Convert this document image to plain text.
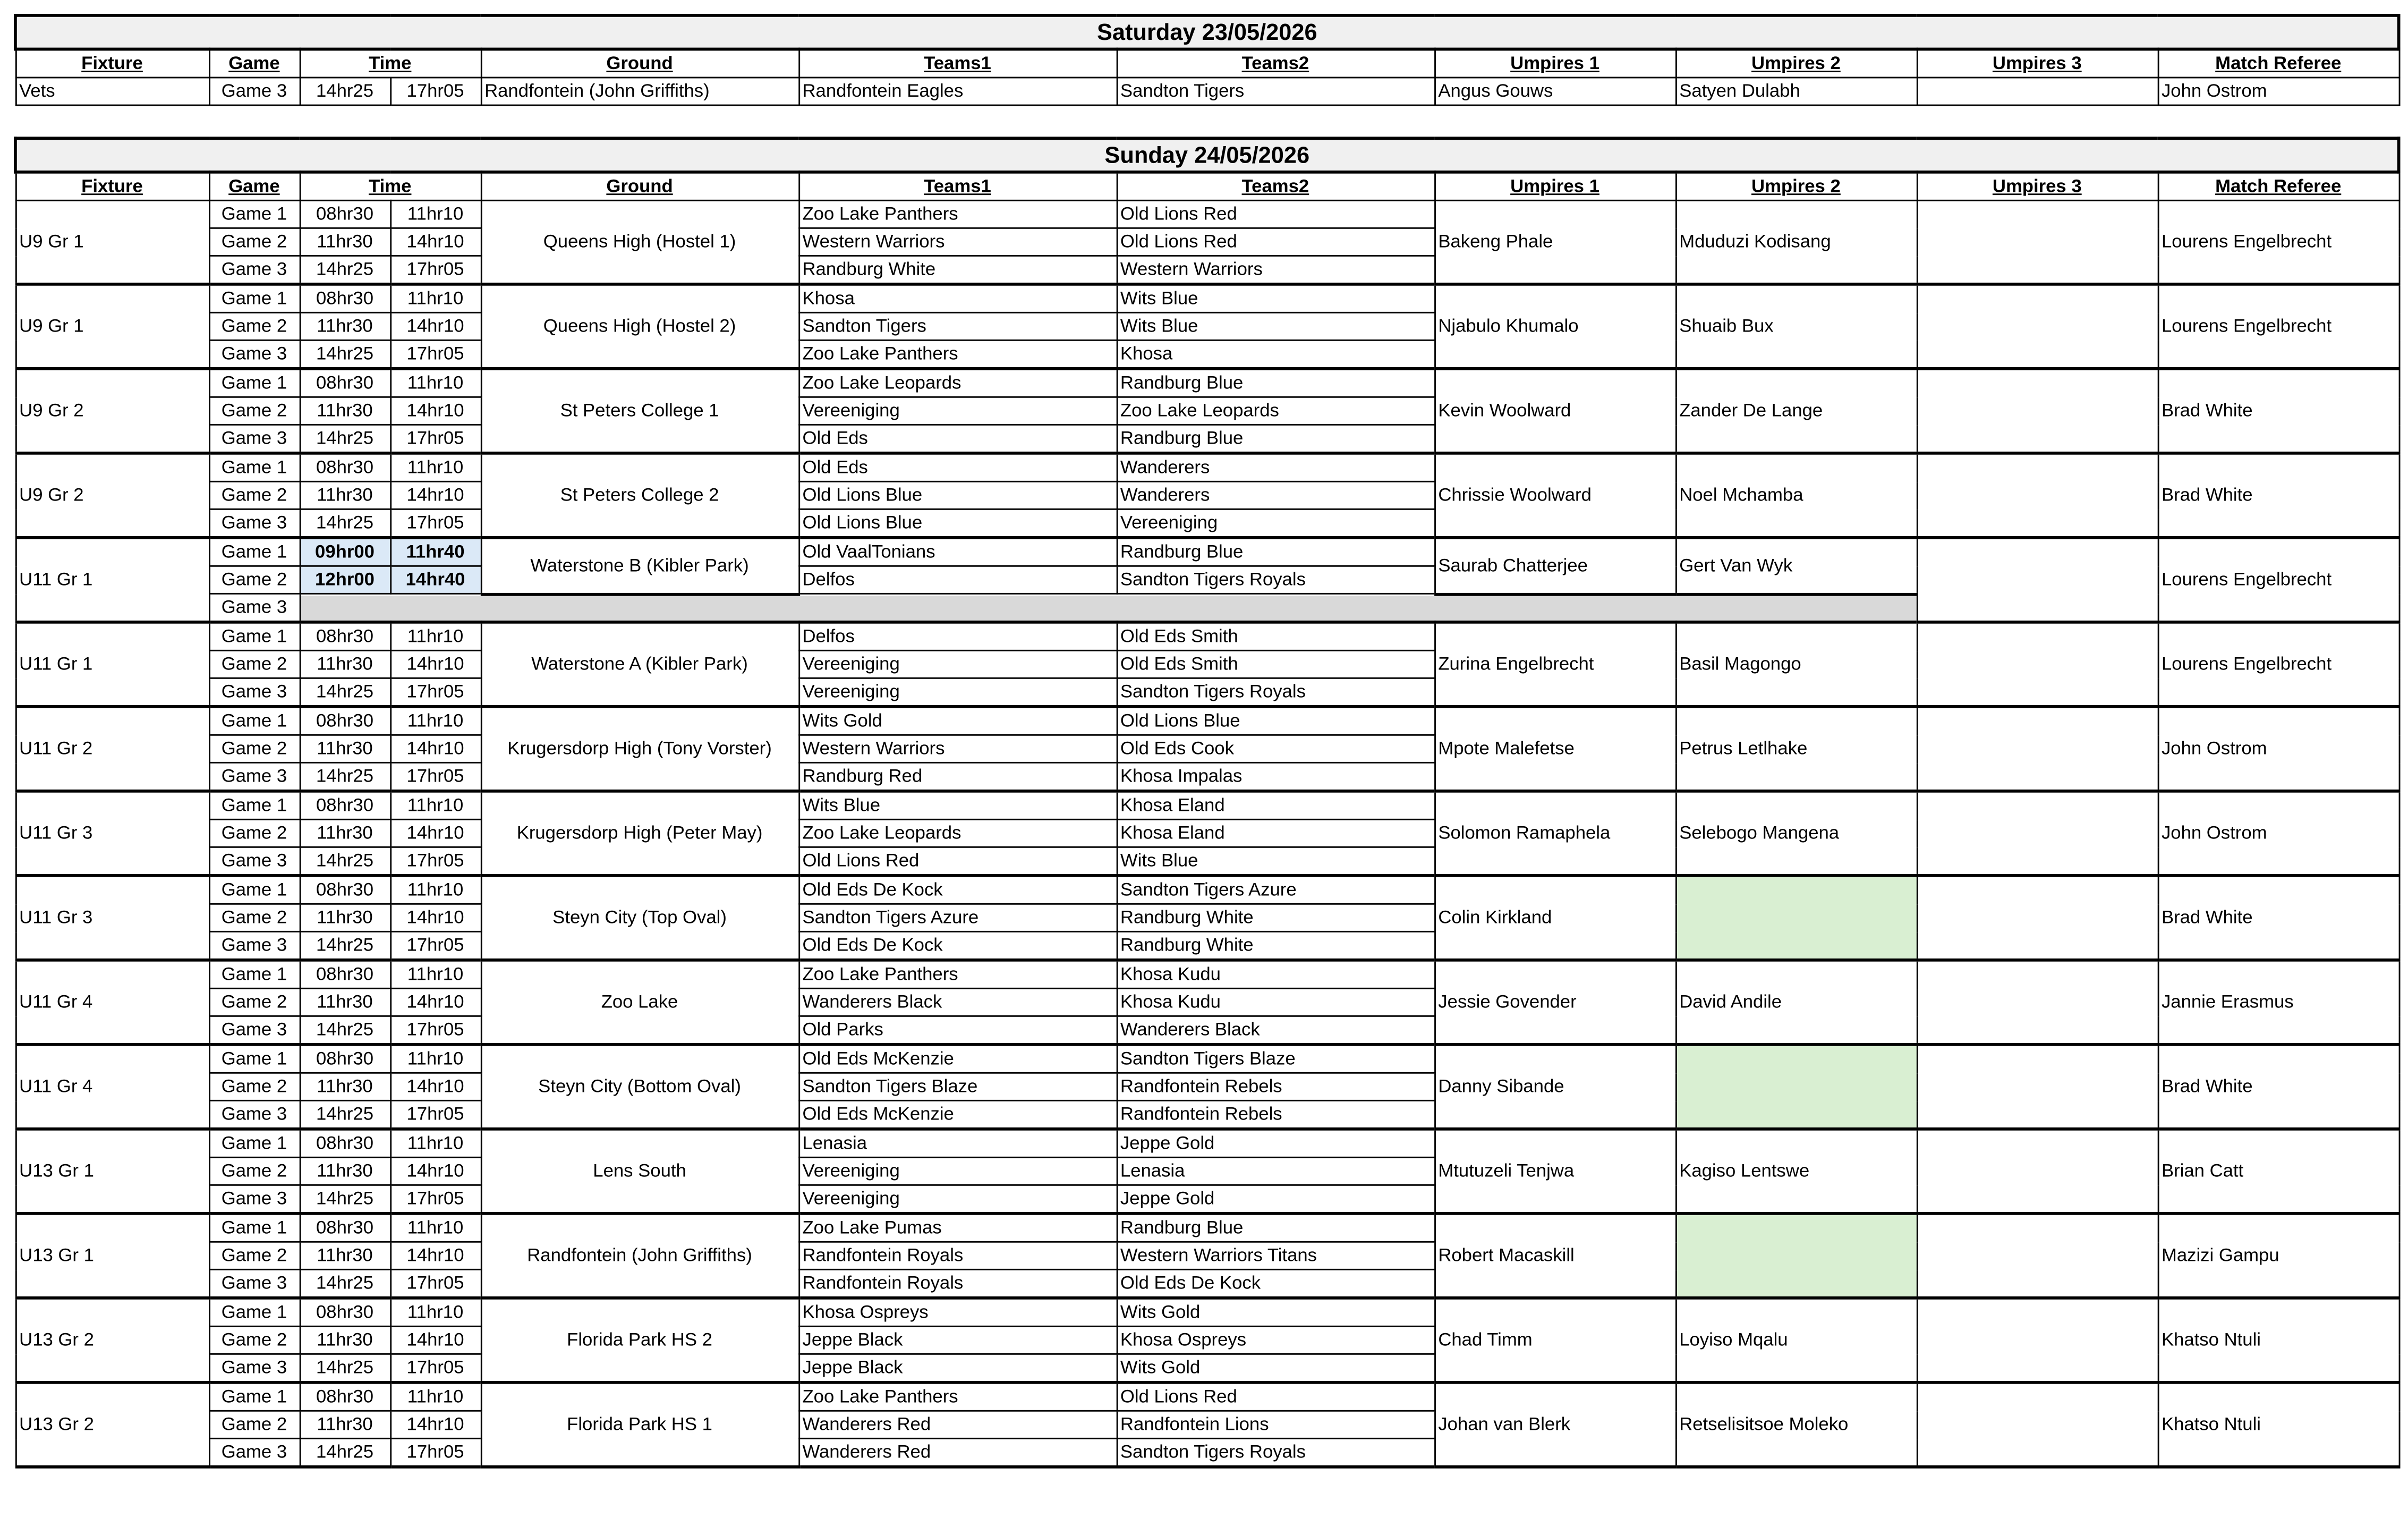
Saturday 23/05/2026										
Fixture	Game	Time		Ground	Teams1	Teams2	Umpires 1	Umpires 2	Umpires 3	Match Referee
Vets	Game 3	14hr25	17hr05	Randfontein (John Griffiths)	Randfontein Eagles	Sandton Tigers	Angus Gouws	Satyen Dulabh		John Ostrom
Sunday 24/05/2026										
Fixture	Game	Time		Ground	Teams1	Teams2	Umpires 1	Umpires 2	Umpires 3	Match Referee
U9 Gr 1	Game 1	08hr30	11hr10	Queens High (Hostel 1)	Zoo Lake Panthers	Old Lions Red	Bakeng Phale	Mduduzi Kodisang		Lourens Engelbrecht
	Game 2	11hr30	14hr10		Western Warriors	Old Lions Red				
	Game 3	14hr25	17hr05		Randburg White	Western Warriors				
U9 Gr 1	Game 1	08hr30	11hr10	Queens High (Hostel 2)	Khosa	Wits Blue	Njabulo Khumalo	Shuaib Bux		Lourens Engelbrecht
	Game 2	11hr30	14hr10		Sandton Tigers	Wits Blue				
	Game 3	14hr25	17hr05		Zoo Lake Panthers	Khosa				
U9 Gr 2	Game 1	08hr30	11hr10	St Peters College 1	Zoo Lake Leopards	Randburg Blue	Kevin Woolward	Zander De Lange		Brad White
	Game 2	11hr30	14hr10		Vereeniging	Zoo Lake Leopards				
	Game 3	14hr25	17hr05		Old Eds	Randburg Blue				
U9 Gr 2	Game 1	08hr30	11hr10	St Peters College 2	Old Eds	Wanderers	Chrissie Woolward	Noel Mchamba		Brad White
	Game 2	11hr30	14hr10		Old Lions Blue	Wanderers				
	Game 3	14hr25	17hr05		Old Lions Blue	Vereeniging				
U11 Gr 1	Game 1	09hr00	11hr40	Waterstone B (Kibler Park)	Old VaalTonians	Randburg Blue	Saurab Chatterjee	Gert Van Wyk		Lourens Engelbrecht
	Game 2	12hr00	14hr40		Delfos	Sandton Tigers Royals				
	Game 3									
U11 Gr 1	Game 1	08hr30	11hr10	Waterstone A (Kibler Park)	Delfos	Old Eds Smith	Zurina Engelbrecht	Basil Magongo		Lourens Engelbrecht
	Game 2	11hr30	14hr10		Vereeniging	Old Eds Smith				
	Game 3	14hr25	17hr05		Vereeniging	Sandton Tigers Royals				
U11 Gr 2	Game 1	08hr30	11hr10	Krugersdorp High (Tony Vorster)	Wits Gold	Old Lions Blue	Mpote Malefetse	Petrus Letlhake		John Ostrom
	Game 2	11hr30	14hr10		Western Warriors	Old Eds Cook				
	Game 3	14hr25	17hr05		Randburg Red	Khosa Impalas				
U11 Gr 3	Game 1	08hr30	11hr10	Krugersdorp High (Peter May)	Wits Blue	Khosa Eland	Solomon Ramaphela	Selebogo Mangena		John Ostrom
	Game 2	11hr30	14hr10		Zoo Lake Leopards	Khosa Eland				
	Game 3	14hr25	17hr05		Old Lions Red	Wits Blue				
U11 Gr 3	Game 1	08hr30	11hr10	Steyn City (Top Oval)	Old Eds De Kock	Sandton Tigers Azure	Colin Kirkland			Brad White
	Game 2	11hr30	14hr10		Sandton Tigers Azure	Randburg White				
	Game 3	14hr25	17hr05		Old Eds De Kock	Randburg White				
U11 Gr 4	Game 1	08hr30	11hr10	Zoo Lake	Zoo Lake Panthers	Khosa Kudu	Jessie Govender	David Andile		Jannie Erasmus
	Game 2	11hr30	14hr10		Wanderers Black	Khosa Kudu				
	Game 3	14hr25	17hr05		Old Parks	Wanderers Black				
U11 Gr 4	Game 1	08hr30	11hr10	Steyn City (Bottom Oval)	Old Eds McKenzie	Sandton Tigers Blaze	Danny Sibande			Brad White
	Game 2	11hr30	14hr10		Sandton Tigers Blaze	Randfontein Rebels				
	Game 3	14hr25	17hr05		Old Eds McKenzie	Randfontein Rebels				
U13 Gr 1	Game 1	08hr30	11hr10	Lens South	Lenasia	Jeppe Gold	Mtutuzeli Tenjwa	Kagiso Lentswe		Brian Catt
	Game 2	11hr30	14hr10		Vereeniging	Lenasia				
	Game 3	14hr25	17hr05		Vereeniging	Jeppe Gold				
U13 Gr 1	Game 1	08hr30	11hr10	Randfontein (John Griffiths)	Zoo Lake Pumas	Randburg Blue	Robert Macaskill			Mazizi Gampu
	Game 2	11hr30	14hr10		Randfontein Royals	Western Warriors Titans				
	Game 3	14hr25	17hr05		Randfontein Royals	Old Eds De Kock				
U13 Gr 2	Game 1	08hr30	11hr10	Florida Park HS 2	Khosa Ospreys	Wits Gold	Chad Timm	Loyiso Mqalu		Khatso Ntuli
	Game 2	11hr30	14hr10		Jeppe Black	Khosa Ospreys				
	Game 3	14hr25	17hr05		Jeppe Black	Wits Gold				
U13 Gr 2	Game 1	08hr30	11hr10	Florida Park HS 1	Zoo Lake Panthers	Old Lions Red	Johan van Blerk	Retselisitsoe Moleko		Khatso Ntuli
	Game 2	11hr30	14hr10		Wanderers Red	Randfontein Lions				
	Game 3	14hr25	17hr05		Wanderers Red	Sandton Tigers Royals				
